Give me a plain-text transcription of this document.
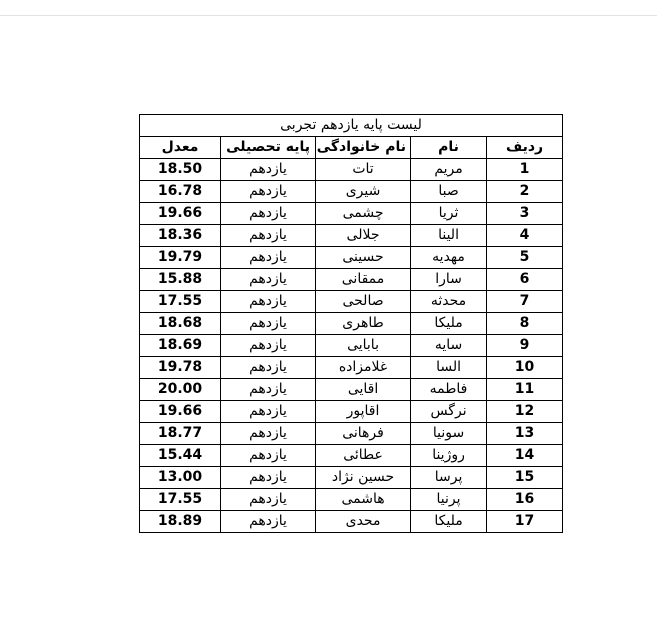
لیست پایه یازدهم تجربی				
ردیف	نام	نام خانوادگی	پایه تحصیلی	معدل
1	مریم	تات	یازدهم	18.50
2	صبا	شیری	یازدهم	16.78
3	ثریا	چشمی	یازدهم	19.66
4	الینا	جلالی	یازدهم	18.36
5	مهدیه	حسینی	یازدهم	19.79
6	سارا	ممقانی	یازدهم	15.88
7	محدثه	صالحی	یازدهم	17.55
8	ملیکا	طاهری	یازدهم	18.68
9	سایه	بابایی	یازدهم	18.69
10	السا	غلامزاده	یازدهم	19.78
11	فاطمه	اقایی	یازدهم	20.00
12	نرگس	اقاپور	یازدهم	19.66
13	سونیا	فرهانی	یازدهم	18.77
14	روژینا	عطائی	یازدهم	15.44
15	پرسا	حسین نژاد	یازدهم	13.00
16	پرنیا	هاشمی	یازدهم	17.55
17	ملیکا	محدی	یازدهم	18.89
